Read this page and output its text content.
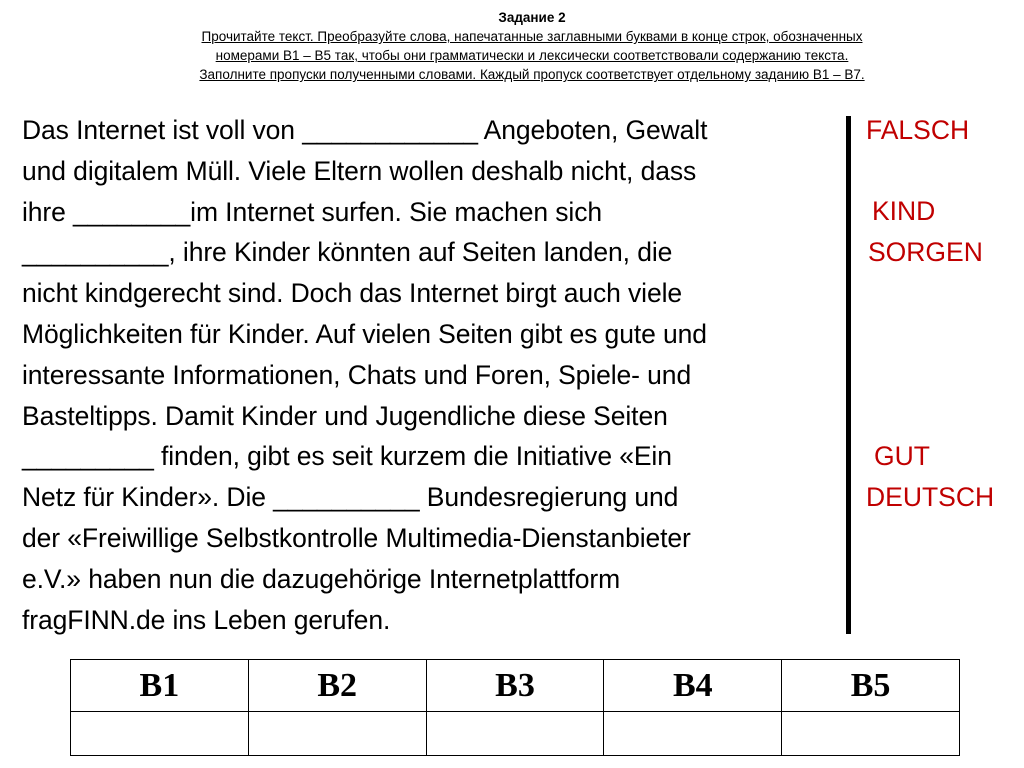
Задание 2
Прочитайте текст. Преобразуйте слова, напечатанные заглавными буквами в конце строк, обозначенных
номерами В1 – В5 так, чтобы они грамматически и лексически соответствовали содержанию текста.
Заполните пропуски полученными словами. Каждый пропуск соответствует отдельному заданию В1 – В7.
Das Internet ist voll von ____________ Angeboten, Gewalt
und digitalem Müll. Viele Eltern wollen deshalb nicht, dass
ihre ________im Internet surfen. Sie machen sich
__________, ihre Kinder könnten auf Seiten landen, die
nicht kindgerecht sind. Doch das Internet birgt auch viele
Möglichkeiten für Kinder. Auf vielen Seiten gibt es gute und
interessante Informationen, Chats und Foren, Spiele- und
Basteltipps. Damit Kinder und Jugendliche diese Seiten
_________ finden, gibt es seit kurzem die Initiative «Ein
Netz für Kinder». Die __________ Bundesregierung und
der «Freiwillige Selbstkontrolle Multimedia-Dienstanbieter
e.V.» haben nun die dazugehörige Internetplattform
fragFINN.de ins Leben gerufen.
FALSCH
KIND
SORGEN
GUT
DEUTSCH
B1	B2	B3	B4	B5
